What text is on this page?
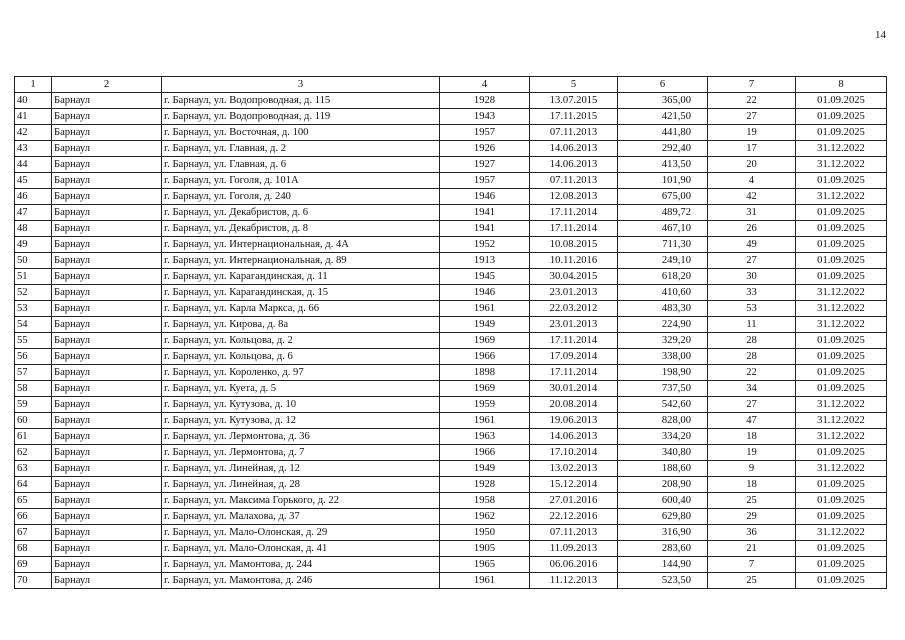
14
1	2	3	4	5	6	7	8
40	Барнаул	г. Барнаул, ул. Водопроводная, д. 115	1928	13.07.2015	365,00	22	01.09.2025
41	Барнаул	г. Барнаул, ул. Водопроводная, д. 119	1943	17.11.2015	421,50	27	01.09.2025
42	Барнаул	г. Барнаул, ул. Восточная, д. 100	1957	07.11.2013	441,80	19	01.09.2025
43	Барнаул	г. Барнаул, ул. Главная, д. 2	1926	14.06.2013	292,40	17	31.12.2022
44	Барнаул	г. Барнаул, ул. Главная, д. 6	1927	14.06.2013	413,50	20	31.12.2022
45	Барнаул	г. Барнаул, ул. Гоголя, д. 101А	1957	07.11.2013	101,90	4	01.09.2025
46	Барнаул	г. Барнаул, ул. Гоголя, д. 240	1946	12.08.2013	675,00	42	31.12.2022
47	Барнаул	г. Барнаул, ул. Декабристов, д. 6	1941	17.11.2014	489,72	31	01.09.2025
48	Барнаул	г. Барнаул, ул. Декабристов, д. 8	1941	17.11.2014	467,10	26	01.09.2025
49	Барнаул	г. Барнаул, ул. Интернациональная, д. 4А	1952	10.08.2015	711,30	49	01.09.2025
50	Барнаул	г. Барнаул, ул. Интернациональная, д. 89	1913	10.11.2016	249,10	27	01.09.2025
51	Барнаул	г. Барнаул, ул. Карагандинская, д. 11	1945	30.04.2015	618,20	30	01.09.2025
52	Барнаул	г. Барнаул, ул. Карагандинская, д. 15	1946	23.01.2013	410,60	33	31.12.2022
53	Барнаул	г. Барнаул, ул. Карла Маркса, д. 66	1961	22.03.2012	483,30	53	31.12.2022
54	Барнаул	г. Барнаул, ул. Кирова, д. 8а	1949	23.01.2013	224,90	11	31.12.2022
55	Барнаул	г. Барнаул, ул. Кольцова, д. 2	1969	17.11.2014	329,20	28	01.09.2025
56	Барнаул	г. Барнаул, ул. Кольцова, д. 6	1966	17.09.2014	338,00	28	01.09.2025
57	Барнаул	г. Барнаул, ул. Короленко, д. 97	1898	17.11.2014	198,90	22	01.09.2025
58	Барнаул	г. Барнаул, ул. Куета, д. 5	1969	30.01.2014	737,50	34	01.09.2025
59	Барнаул	г. Барнаул, ул. Кутузова, д. 10	1959	20.08.2014	542,60	27	31.12.2022
60	Барнаул	г. Барнаул, ул. Кутузова, д. 12	1961	19.06.2013	828,00	47	31.12.2022
61	Барнаул	г. Барнаул, ул. Лермонтова, д. 36	1963	14.06.2013	334,20	18	31.12.2022
62	Барнаул	г. Барнаул, ул. Лермонтова, д. 7	1966	17.10.2014	340,80	19	01.09.2025
63	Барнаул	г. Барнаул, ул. Линейная, д. 12	1949	13.02.2013	188,60	9	31.12.2022
64	Барнаул	г. Барнаул, ул. Линейная, д. 28	1928	15.12.2014	208,90	18	01.09.2025
65	Барнаул	г. Барнаул, ул. Максима Горького, д. 22	1958	27.01.2016	600,40	25	01.09.2025
66	Барнаул	г. Барнаул, ул. Малахова, д. 37	1962	22.12.2016	629,80	29	01.09.2025
67	Барнаул	г. Барнаул, ул. Мало-Олонская, д. 29	1950	07.11.2013	316,90	36	31.12.2022
68	Барнаул	г. Барнаул, ул. Мало-Олонская, д. 41	1905	11.09.2013	283,60	21	01.09.2025
69	Барнаул	г. Барнаул, ул. Мамонтова, д. 244	1965	06.06.2016	144,90	7	01.09.2025
70	Барнаул	г. Барнаул, ул. Мамонтова, д. 246	1961	11.12.2013	523,50	25	01.09.2025
